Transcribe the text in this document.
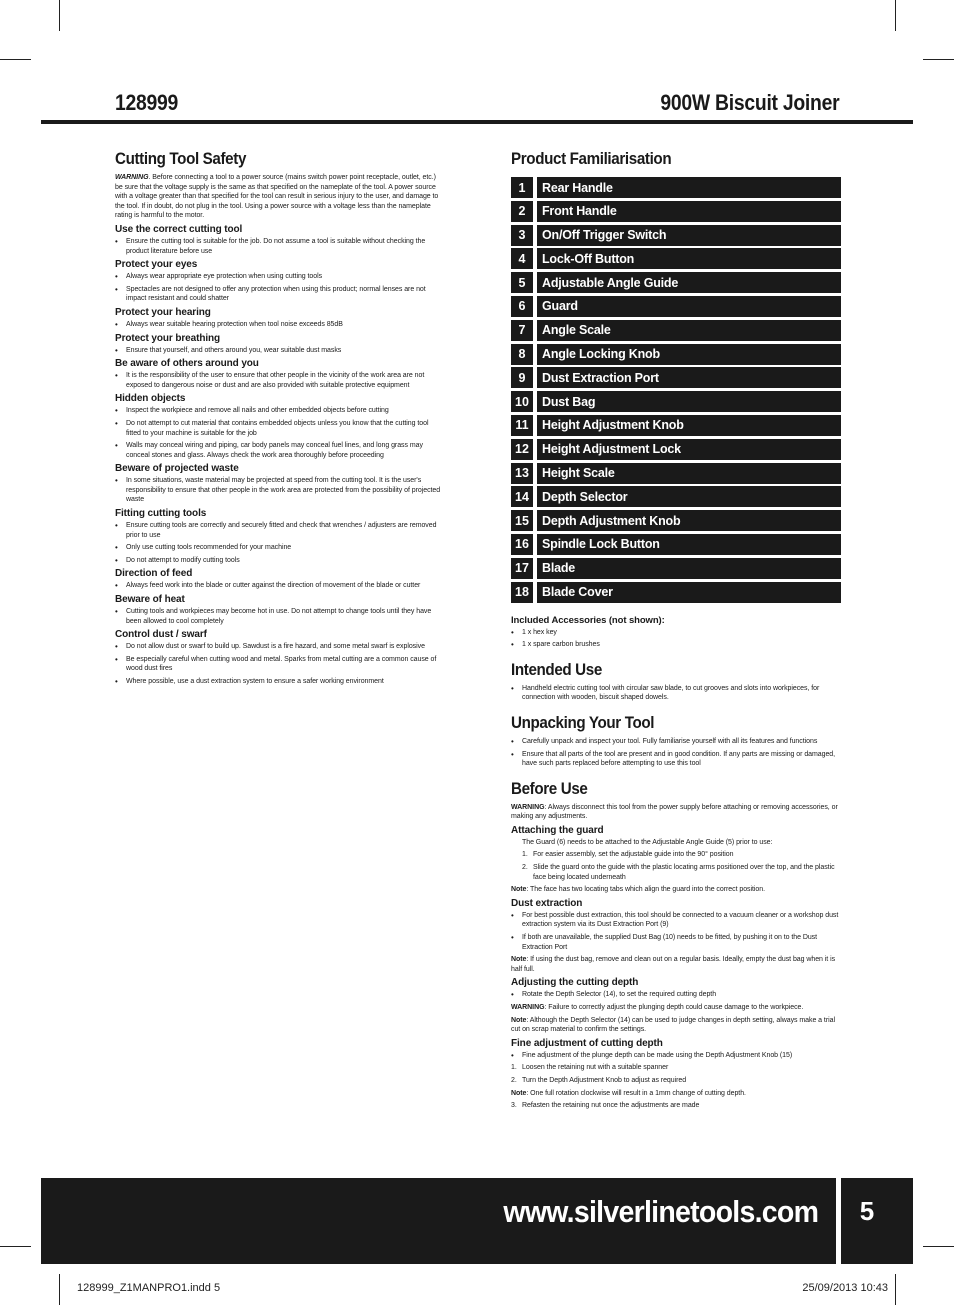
128999	900W Biscuit Joiner
Cutting Tool Safety

WARNING. Before connecting a tool to a power source (mains switch power point receptacle, outlet, etc.) be sure that the voltage supply is the same as that specified on the nameplate of the tool. A power source with a voltage greater than that specified for the tool can result in serious injury to the user, and damage to the tool. If in doubt, do not plug in the tool. Using a power source with a voltage less than the nameplate rating is harmful to the motor.

Use the correct cutting tool
• Ensure the cutting tool is suitable for the job. Do not assume a tool is suitable without checking the product literature before use
Protect your eyes
• Always wear appropriate eye protection when using cutting tools
• Spectacles are not designed to offer any protection when using this product; normal lenses are not impact resistant and could shatter
Protect your hearing
• Always wear suitable hearing protection when tool noise exceeds 85dB
Protect your breathing
• Ensure that yourself, and others around you, wear suitable dust masks
Be aware of others around you
• It is the responsibility of the user to ensure that other people in the vicinity of the work area are not exposed to dangerous noise or dust and are also provided with suitable protective equipment
Hidden objects
• Inspect the workpiece and remove all nails and other embedded objects before cutting
• Do not attempt to cut material that contains embedded objects unless you know that the cutting tool fitted to your machine is suitable for the job
• Walls may conceal wiring and piping, car body panels may conceal fuel lines, and long grass may conceal stones and glass. Always check the work area thoroughly before proceeding
Beware of projected waste
• In some situations, waste material may be projected at speed from the cutting tool. It is the user's responsibility to ensure that other people in the work area are protected from the possibility of projected waste
Fitting cutting tools
• Ensure cutting tools are correctly and securely fitted and check that wrenches / adjusters are removed prior to use
• Only use cutting tools recommended for your machine
• Do not attempt to modify cutting tools
Direction of feed
• Always feed work into the blade or cutter against the direction of movement of the blade or cutter
Beware of heat
• Cutting tools and workpieces may become hot in use. Do not attempt to change tools until they have been allowed to cool completely
Control dust / swarf
• Do not allow dust or swarf to build up. Sawdust is a fire hazard, and some metal swarf is explosive
• Be especially careful when cutting wood and metal. Sparks from metal cutting are a common cause of wood dust fires
• Where possible, use a dust extraction system to ensure a safer working environment
Product Familiarisation
1	Rear Handle
2	Front Handle
3	On/Off Trigger Switch
4	Lock-Off Button
5	Adjustable Angle Guide
6	Guard
7	Angle Scale
8	Angle Locking Knob
9	Dust Extraction Port
10	Dust Bag
11	Height Adjustment Knob
12	Height Adjustment Lock
13	Height Scale
14	Depth Selector
15	Depth Adjustment Knob
16	Spindle Lock Button
17	Blade
18	Blade Cover
Included Accessories (not shown):
• 1 x hex key
• 1 x spare carbon brushes
Intended Use
• Handheld electric cutting tool with circular saw blade, to cut grooves and slots into workpieces, for connection with wooden, biscuit shaped dowels.
Unpacking Your Tool
• Carefully unpack and inspect your tool. Fully familiarise yourself with all its features and functions
• Ensure that all parts of the tool are present and in good condition. If any parts are missing or damaged, have such parts replaced before attempting to use this tool
Before Use

WARNING: Always disconnect this tool from the power supply before attaching or removing accessories, or making any adjustments.

Attaching the guard

The Guard (6) needs to be attached to the Adjustable Angle Guide (5) prior to use:

1. For easier assembly, set the adjustable guide into the 90° position
2. Slide the guard onto the guide with the plastic locating arms positioned over the top, and the plastic face being located underneath

Note: The face has two locating tabs which align the guard into the correct position.

Dust extraction
• For best possible dust extraction, this tool should be connected to a vacuum cleaner or a workshop dust extraction system via its Dust Extraction Port (9)
• If both are unavailable, the supplied Dust Bag (10) needs to be fitted, by pushing it on to the Dust Extraction Port

Note: If using the dust bag, remove and clean out on a regular basis. Ideally, empty the dust bag when it is half full.

Adjusting the cutting depth
• Rotate the Depth Selector (14), to set the required cutting depth

WARNING: Failure to correctly adjust the plunging depth could cause damage to the workpiece.

Note: Although the Depth Selector (14) can be used to judge changes in depth setting, always make a trial cut on scrap material to confirm the settings.

Fine adjustment of cutting depth
• Fine adjustment of the plunge depth can be made using the Depth Adjustment Knob (15)
1. Loosen the retaining nut with a suitable spanner
2. Turn the Depth Adjustment Knob to adjust as required

Note: One full rotation clockwise will result in a 1mm change of cutting depth.

3. Refasten the retaining nut once the adjustments are made
www.silverlinetools.com	5
128999_Z1MANPRO1.indd 5	25/09/2013 10:43
